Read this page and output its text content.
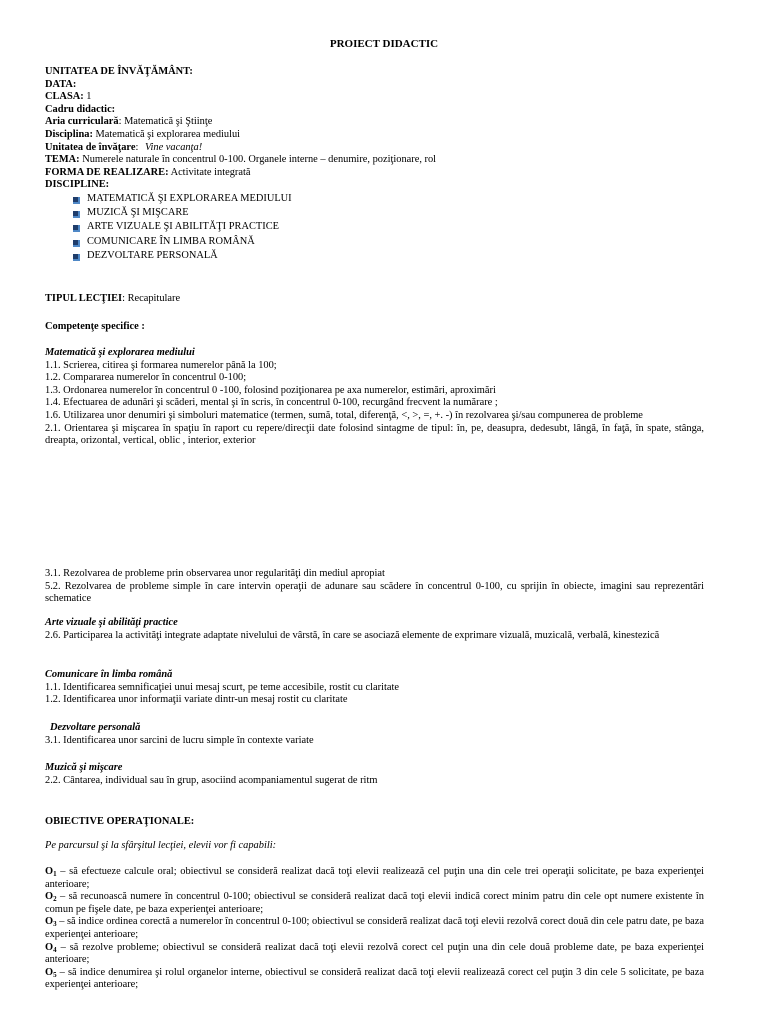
PROIECT DIDACTIC
UNITATEA DE ÎNVĂŢĂMÂNT:
DATA:
CLASA: 1
Cadru didactic:
Aria curriculară: Matematică şi Ştiinţe
Disciplina: Matematică şi explorarea mediului
Unitatea de învăţare: Vine vacanţa!
TEMA: Numerele naturale în concentrul 0-100. Organele interne – denumire, poziţionare, rol
FORMA DE REALIZARE: Activitate integrată
DISCIPLINE:
MATEMATICĂ ŞI EXPLORAREA MEDIULUI
MUZICĂ ŞI MIŞCARE
ARTE VIZUALE ŞI ABILITĂŢI PRACTICE
COMUNICARE ÎN LIMBA ROMÂNĂ
DEZVOLTARE PERSONALĂ
TIPUL LECŢIEI: Recapitulare
Competenţe specifice :
Matematică şi explorarea mediului
1.1. Scrierea, citirea şi formarea numerelor până la 100;
1.2. Compararea numerelor în concentrul 0-100;
1.3. Ordonarea numerelor în concentrul 0 -100, folosind poziţionarea pe axa numerelor, estimări, aproximări
1.4. Efectuarea de adunări şi scăderi, mental şi în scris, în concentrul 0-100, recurgând frecvent la numărare ;

1.6. Utilizarea unor denumiri şi simboluri matematice (termen, sumă, total, diferenţă, <, >, =, +. -) în rezolvarea şi/sau compunerea de probleme

2.1. Orientarea şi mişcarea în spaţiu în raport cu repere/direcţii date folosind sintagme de tipul: în, pe, deasupra, dedesubt, lângă, în faţă, în spate, stânga, dreapta, orizontal, vertical, oblic , interior, exterior

3.1. Rezolvarea de probleme prin observarea unor regularităţi din mediul apropiat

5.2. Rezolvarea de probleme simple în care intervin operaţii de adunare sau scădere în concentrul 0-100, cu sprijin în obiecte, imagini sau reprezentări schematice

Arte vizuale şi abilităţi practice

2.6. Participarea la activităţi integrate adaptate nivelului de vârstă, în care se asociază elemente de exprimare vizuală, muzicală, verbală, kinestezică

Comunicare în limba română
1.1. Identificarea semnificaţiei unui mesaj scurt, pe teme accesibile, rostit cu claritate
1.2. Identificarea unor informaţii variate dintr-un mesaj rostit cu claritate
Dezvoltare personală
3.1. Identificarea unor sarcini de lucru simple în contexte variate
Muzică şi mişcare
2.2. Cântarea, individual sau în grup, asociind acompaniamentul sugerat de ritm
OBIECTIVE OPERAŢIONALE:
Pe parcursul şi la sfârşitul lecţiei, elevii vor fi capabili:

$O_1$ – să efectueze calcule oral; obiectivul se consideră realizat dacă toţi elevii realizează cel puţin una din cele trei operaţii solicitate, pe baza experienţei anterioare;

$O_2$ – să recunoască numere în concentrul 0-100; obiectivul se consideră realizat dacă toţi elevii indică corect minim patru din cele opt numere existente în comun pe fişele date, pe baza experienţei anterioare;

$O_3$ – să indice ordinea corectă a numerelor în concentrul 0-100; obiectivul se consideră realizat dacă toţi elevii rezolvă corect două din cele patru date, pe baza experienţei anterioare;

$O_4$ – să rezolve probleme; obiectivul se consideră realizat dacă toţi elevii rezolvă corect cel puţin una din cele două probleme date, pe baza experienţei anterioare;

$O_5$ – să indice denumirea şi rolul organelor interne, obiectivul se consideră realizat dacă toţi elevii realizează corect cel puţin 3 din cele 5 solicitate, pe baza experienţei anterioare;
